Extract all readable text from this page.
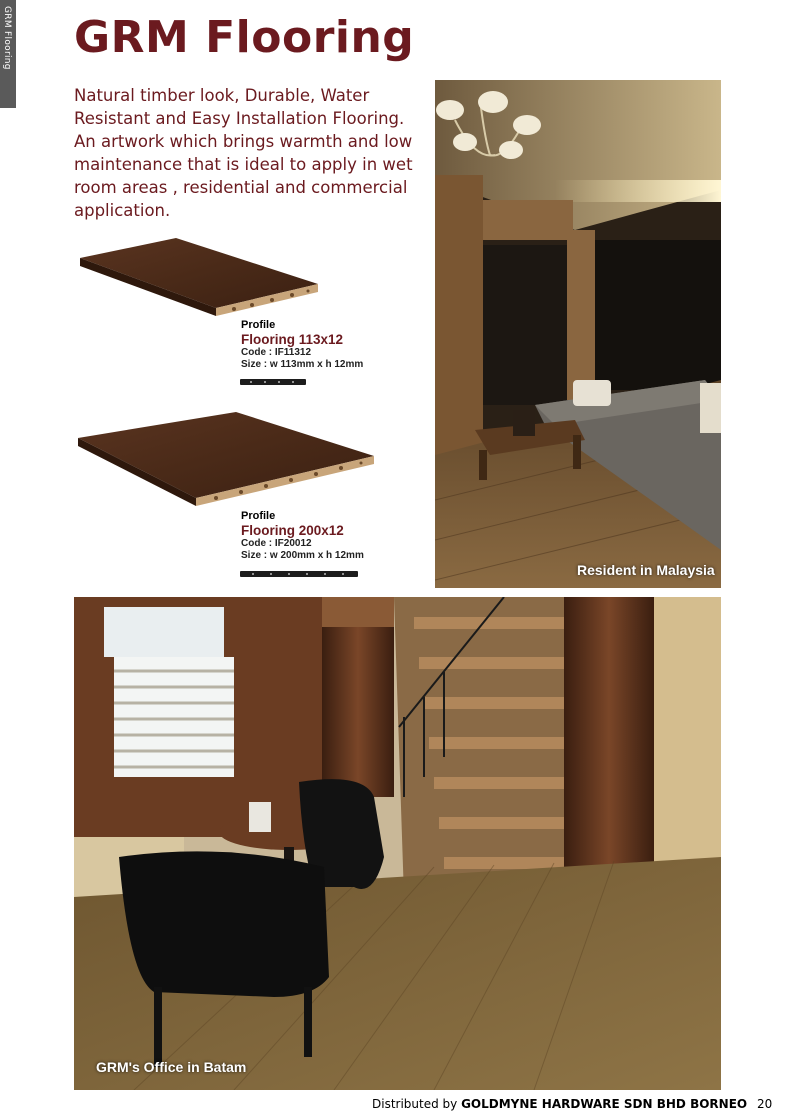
GRM Flooring GRM Flooring

Natural timber look, Durable, Water Resistant and Easy Installation Flooring. An artwork which brings warmth and low maintenance that is ideal to apply in wet room areas , residential and commercial application.

Profile
Flooring 113x12
Code : IF11312
Size : w 113mm x h 12mm
Profile
Flooring 200x12
Code : IF20012
Size : w 200mm x h 12mm
Resident in Malaysia
GRM's Office in Batam
Distributed by GOLDMYNE HARDWARE SDN BHD BORNEO 20
